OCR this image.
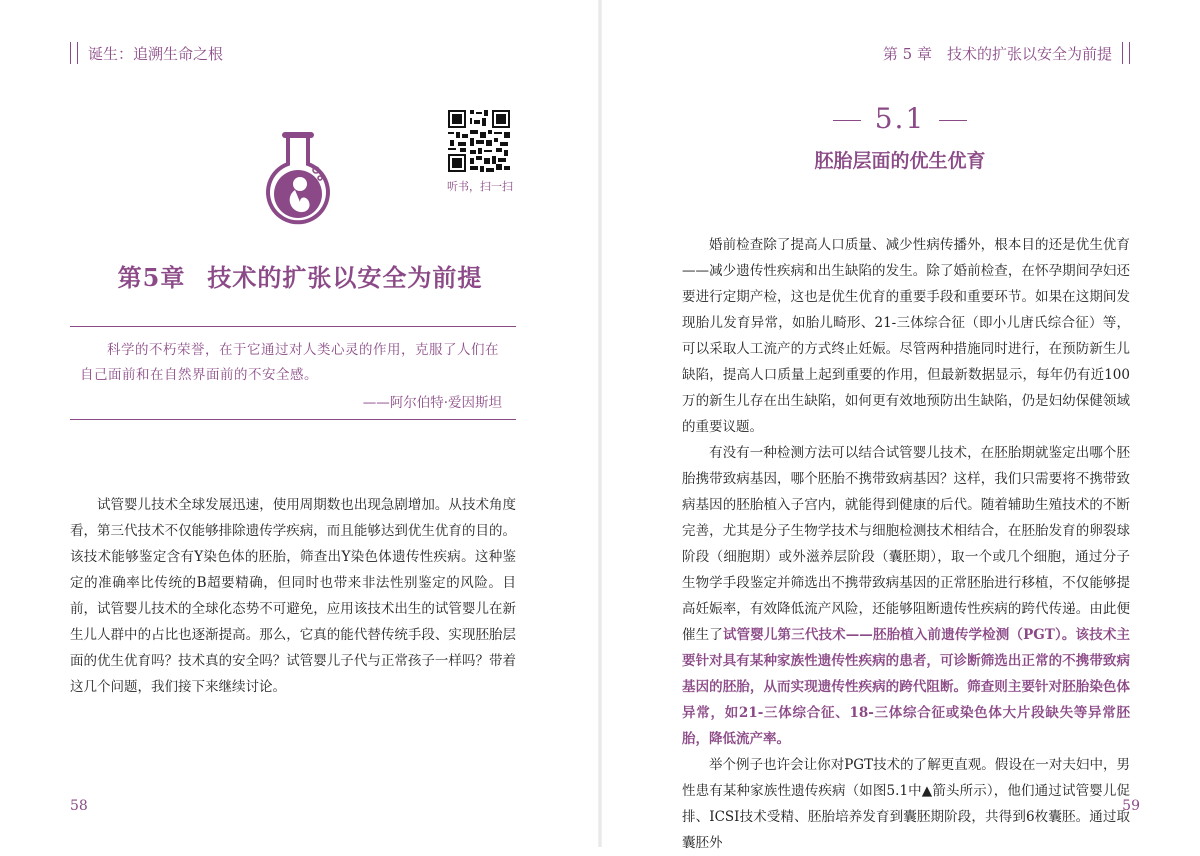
诞生：追溯生命之根
听书，扫一扫
第5章 技术的扩张以安全为前提

科学的不朽荣誉，在于它通过对人类心灵的作用，克服了人们在自己面前和在自然界面前的不安全感。

——阿尔伯特·爱因斯坦

试管婴儿技术全球发展迅速，使用周期数也出现急剧增加。从技术角度看，第三代技术不仅能够排除遗传学疾病，而且能够达到优生优育的目的。该技术能够鉴定含有Y染色体的胚胎，筛查出Y染色体遗传性疾病。这种鉴定的准确率比传统的B超要精确，但同时也带来非法性别鉴定的风险。目前，试管婴儿技术的全球化态势不可避免，应用该技术出生的试管婴儿在新生儿人群中的占比也逐渐提高。那么，它真的能代替传统手段、实现胚胎层面的优生优育吗？技术真的安全吗？试管婴儿子代与正常孩子一样吗？带着这几个问题，我们接下来继续讨论。

58
第 5 章　技术的扩张以安全为前提
5.1
胚胎层面的优生优育

婚前检查除了提高人口质量、减少性病传播外，根本目的还是优生优育——减少遗传性疾病和出生缺陷的发生。除了婚前检查，在怀孕期间孕妇还要进行定期产检，这也是优生优育的重要手段和重要环节。如果在这期间发现胎儿发育异常，如胎儿畸形、21-三体综合征（即小儿唐氏综合征）等，可以采取人工流产的方式终止妊娠。尽管两种措施同时进行，在预防新生儿缺陷，提高人口质量上起到重要的作用，但最新数据显示，每年仍有近100万的新生儿存在出生缺陷，如何更有效地预防出生缺陷，仍是妇幼保健领域的重要议题。

有没有一种检测方法可以结合试管婴儿技术，在胚胎期就鉴定出哪个胚胎携带致病基因，哪个胚胎不携带致病基因？这样，我们只需要将不携带致病基因的胚胎植入子宫内，就能得到健康的后代。随着辅助生殖技术的不断完善，尤其是分子生物学技术与细胞检测技术相结合，在胚胎发育的卵裂球阶段（细胞期）或外滋养层阶段（囊胚期），取一个或几个细胞，通过分子生物学手段鉴定并筛选出不携带致病基因的正常胚胎进行移植，不仅能够提高妊娠率，有效降低流产风险，还能够阻断遗传性疾病的跨代传递。由此便催生了试管婴儿第三代技术——胚胎植入前遗传学检测（PGT）。该技术主要针对具有某种家族性遗传性疾病的患者，可诊断筛选出正常的不携带致病基因的胚胎，从而实现遗传性疾病的跨代阻断。筛查则主要针对胚胎染色体异常，如21-三体综合征、18-三体综合征或染色体大片段缺失等异常胚胎，降低流产率。

举个例子也许会让你对PGT技术的了解更直观。假设在一对夫妇中，男性患有某种家族性遗传疾病（如图5.1中▲箭头所示），他们通过试管婴儿促排、ICSI技术受精、胚胎培养发育到囊胚期阶段，共得到6枚囊胚。通过取囊胚外

59
